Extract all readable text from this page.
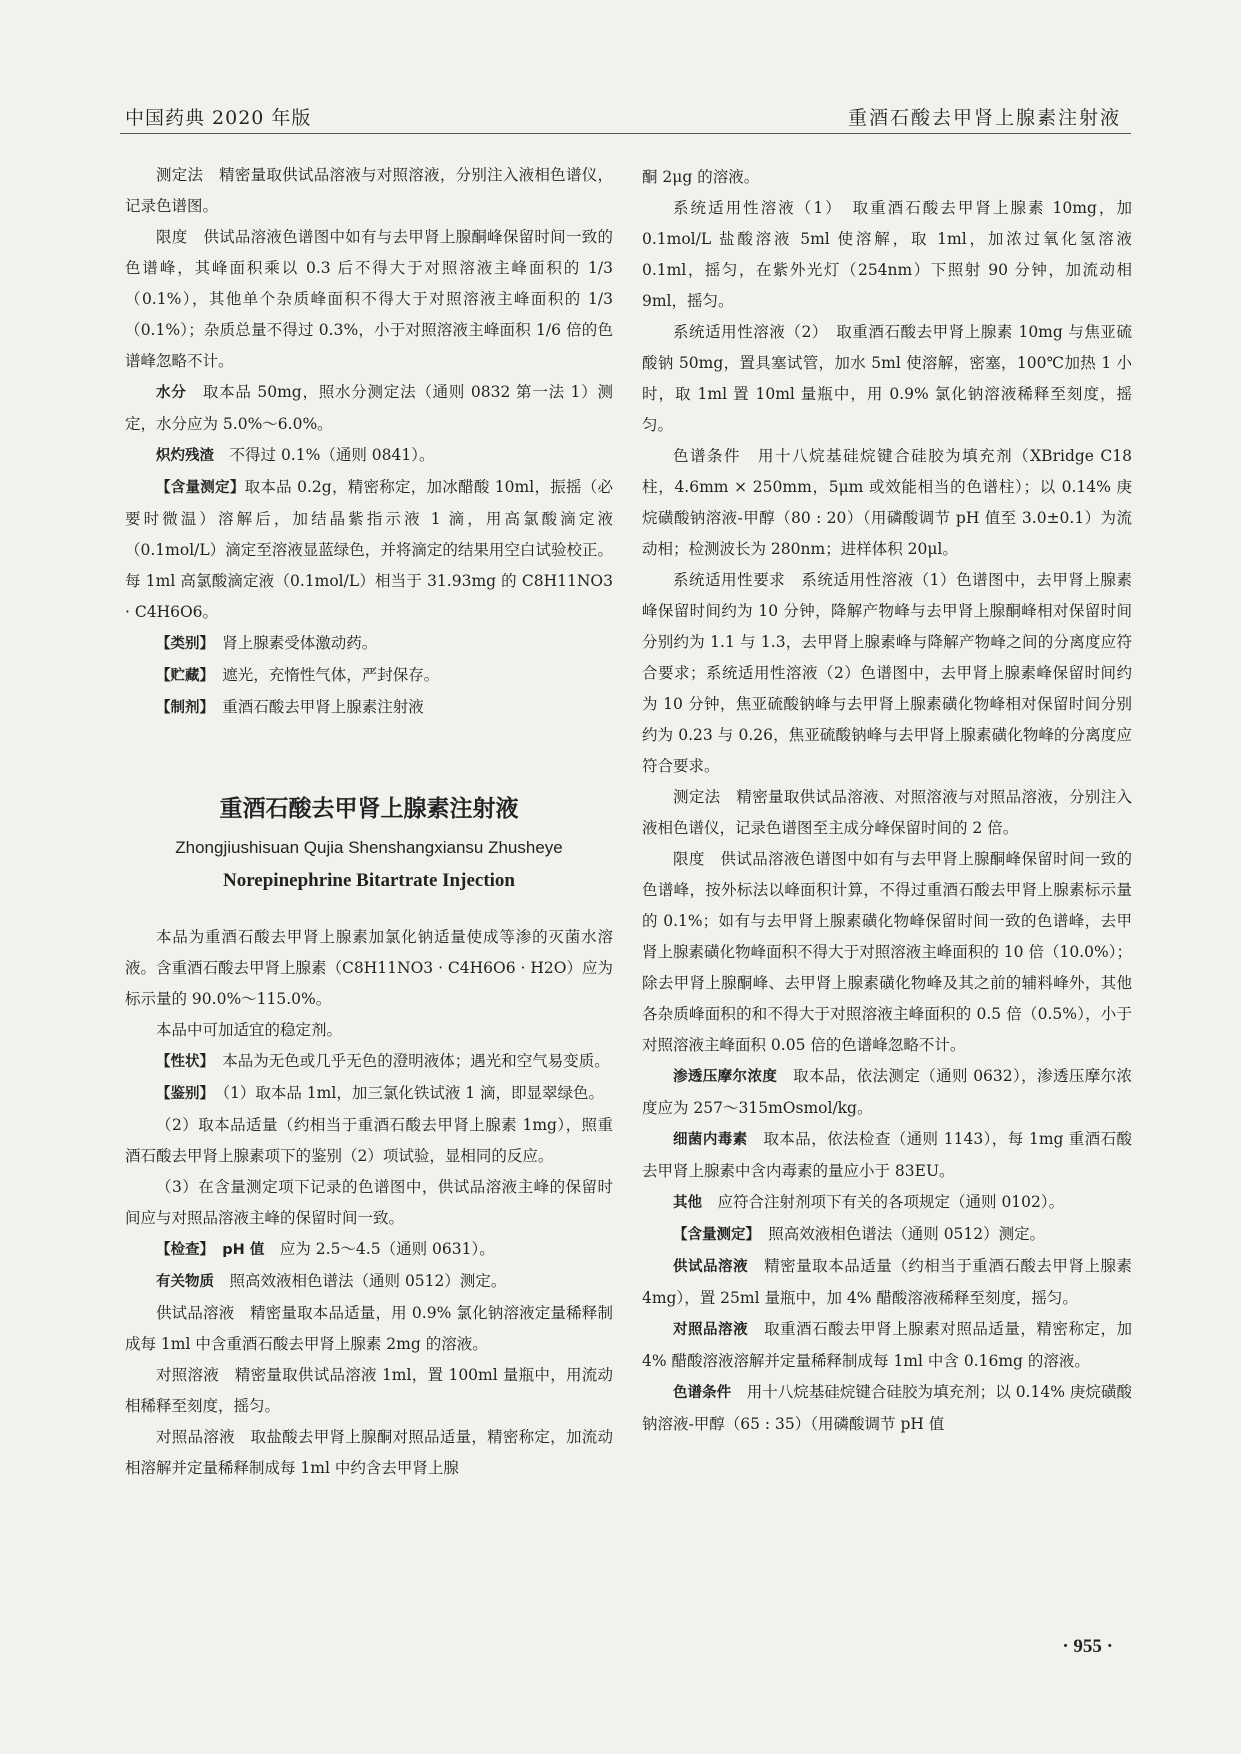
中国药典 2020 年版	重酒石酸去甲肾上腺素注射液

测定法　 精密量取供试品溶液与对照溶液，分别注入液相色谱仪，记录色谱图。

限度　 供试品溶液色谱图中如有与去甲肾上腺酮峰保留时间一致的色谱峰，其峰面积乘以 0.3 后不得大于对照溶液主峰面积的 1/3（0.1%），其他单个杂质峰面积不得大于对照溶液主峰面积的 1/3（0.1%）；杂质总量不得过 0.3%，小于对照溶液主峰面积 1/6 倍的色谱峰忽略不计。

水分　 取本品 50mg，照水分测定法（通则 0832 第一法 1）测定，水分应为 5.0%～6.0%。

炽灼残渣　 不得过 0.1%（通则 0841）。

【含量测定】取本品 0.2g，精密称定，加冰醋酸 10ml，振摇（必要时微温）溶解后，加结晶紫指示液 1 滴，用高氯酸滴定液（0.1mol/L）滴定至溶液显蓝绿色，并将滴定的结果用空白试验校正。每 1ml 高氯酸滴定液（0.1mol/L）相当于 31.93mg 的 C8H11NO3 · C4H6O6。

【类别】　 肾上腺素受体激动药。

【贮藏】　 遮光，充惰性气体，严封保存。

【制剂】　 重酒石酸去甲肾上腺素注射液

重酒石酸去甲肾上腺素注射液
Zhongjiushisuan Qujia Shenshangxiansu Zhusheye
Norepinephrine Bitartrate Injection

本品为重酒石酸去甲肾上腺素加氯化钠适量使成等渗的灭菌水溶液。含重酒石酸去甲肾上腺素（C8H11NO3 · C4H6O6 · H2O）应为标示量的 90.0%～115.0%。

本品中可加适宜的稳定剂。

【性状】　 本品为无色或几乎无色的澄明液体；遇光和空气易变质。

【鉴别】　 （1）取本品 1ml，加三氯化铁试液 1 滴，即显翠绿色。

（2）取本品适量（约相当于重酒石酸去甲肾上腺素 1mg），照重酒石酸去甲肾上腺素项下的鉴别（2）项试验，显相同的反应。

（3）在含量测定项下记录的色谱图中，供试品溶液主峰的保留时间应与对照品溶液主峰的保留时间一致。

【检查】　 pH 值　 应为 2.5～4.5（通则 0631）。

有关物质　 照高效液相色谱法（通则 0512）测定。

供试品溶液　 精密量取本品适量，用 0.9% 氯化钠溶液定量稀释制成每 1ml 中含重酒石酸去甲肾上腺素 2mg 的溶液。

对照溶液　 精密量取供试品溶液 1ml，置 100ml 量瓶中，用流动相稀释至刻度，摇匀。

对照品溶液　 取盐酸去甲肾上腺酮对照品适量，精密称定，加流动相溶解并定量稀释制成每 1ml 中约含去甲肾上腺

酮 2μg 的溶液。

系统适用性溶液（1）　 取重酒石酸去甲肾上腺素 10mg，加 0.1mol/L 盐酸溶液 5ml 使溶解，取 1ml，加浓过氧化氢溶液 0.1ml，摇匀，在紫外光灯（254nm）下照射 90 分钟，加流动相 9ml，摇匀。

系统适用性溶液（2）　 取重酒石酸去甲肾上腺素 10mg 与焦亚硫酸钠 50mg，置具塞试管，加水 5ml 使溶解，密塞，100℃加热 1 小时，取 1ml 置 10ml 量瓶中，用 0.9% 氯化钠溶液稀释至刻度，摇匀。

色谱条件　 用十八烷基硅烷键合硅胶为填充剂（XBridge C18 柱，4.6mm × 250mm，5μm 或效能相当的色谱柱）；以 0.14% 庚烷磺酸钠溶液-甲醇（80 : 20）（用磷酸调节 pH 值至 3.0±0.1）为流动相；检测波长为 280nm；进样体积 20μl。

系统适用性要求　 系统适用性溶液（1）色谱图中，去甲肾上腺素峰保留时间约为 10 分钟，降解产物峰与去甲肾上腺酮峰相对保留时间分别约为 1.1 与 1.3，去甲肾上腺素峰与降解产物峰之间的分离度应符合要求；系统适用性溶液（2）色谱图中，去甲肾上腺素峰保留时间约为 10 分钟，焦亚硫酸钠峰与去甲肾上腺素磺化物峰相对保留时间分别约为 0.23 与 0.26，焦亚硫酸钠峰与去甲肾上腺素磺化物峰的分离度应符合要求。

测定法　 精密量取供试品溶液、对照溶液与对照品溶液，分别注入液相色谱仪，记录色谱图至主成分峰保留时间的 2 倍。

限度　 供试品溶液色谱图中如有与去甲肾上腺酮峰保留时间一致的色谱峰，按外标法以峰面积计算，不得过重酒石酸去甲肾上腺素标示量的 0.1%；如有与去甲肾上腺素磺化物峰保留时间一致的色谱峰，去甲肾上腺素磺化物峰面积不得大于对照溶液主峰面积的 10 倍（10.0%）；除去甲肾上腺酮峰、去甲肾上腺素磺化物峰及其之前的辅料峰外，其他各杂质峰面积的和不得大于对照溶液主峰面积的 0.5 倍（0.5%），小于对照溶液主峰面积 0.05 倍的色谱峰忽略不计。

渗透压摩尔浓度　 取本品，依法测定（通则 0632），渗透压摩尔浓度应为 257～315mOsmol/kg。

细菌内毒素　 取本品，依法检查（通则 1143），每 1mg 重酒石酸去甲肾上腺素中含内毒素的量应小于 83EU。

其他　 应符合注射剂项下有关的各项规定（通则 0102）。

【含量测定】　 照高效液相色谱法（通则 0512）测定。

供试品溶液　 精密量取本品适量（约相当于重酒石酸去甲肾上腺素 4mg），置 25ml 量瓶中，加 4% 醋酸溶液稀释至刻度，摇匀。

对照品溶液　 取重酒石酸去甲肾上腺素对照品适量，精密称定，加 4% 醋酸溶液溶解并定量稀释制成每 1ml 中含 0.16mg 的溶液。

色谱条件　 用十八烷基硅烷键合硅胶为填充剂；以 0.14% 庚烷磺酸钠溶液-甲醇（65 : 35）（用磷酸调节 pH 值

· 955 ·
